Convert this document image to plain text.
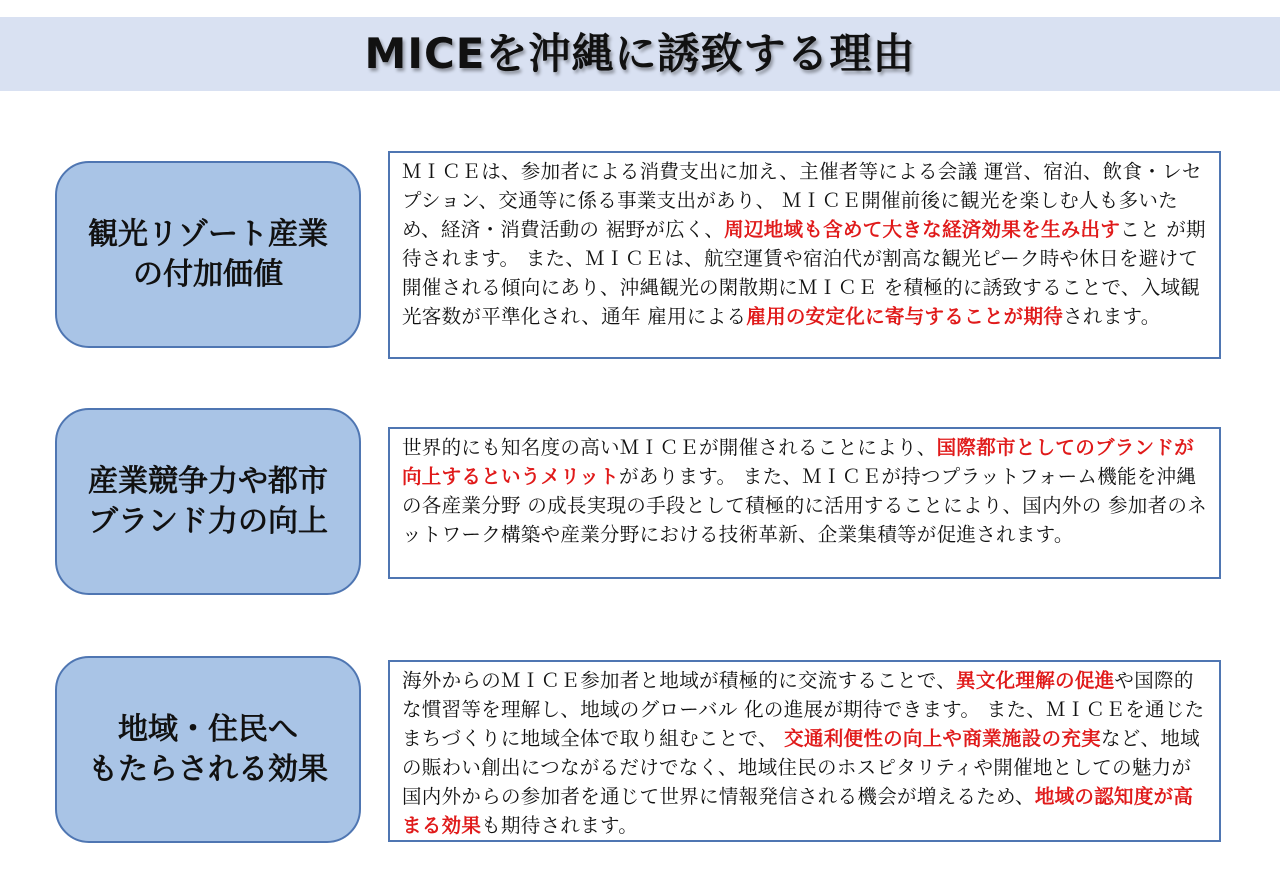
MICEを沖縄に誘致する理由
観光リゾート産業
の付加価値
ＭＩＣＥは、参加者による消費支出に加え、主催者等による会議 運営、宿泊、飲食・レセプション、交通等に係る事業支出があり、 ＭＩＣＥ開催前後に観光を楽しむ人も多いため、経済・消費活動の 裾野が広く、周辺地域も含めて大きな経済効果を生み出すこと が期待されます。 また、ＭＩＣＥは、航空運賃や宿泊代が割高な観光ピーク時や休日を避けて開催される傾向にあり、沖縄観光の閑散期にＭＩＣＥ を積極的に誘致することで、入域観光客数が平準化され、通年 雇用による雇用の安定化に寄与することが期待されます。
産業競争力や都市
ブランド力の向上
世界的にも知名度の高いＭＩＣＥが開催されることにより、国際都市としてのブランドが向上するというメリットがあります。 また、ＭＩＣＥが持つプラットフォーム機能を沖縄の各産業分野 の成長実現の手段として積極的に活用することにより、国内外の 参加者のネットワーク構築や産業分野における技術革新、企業集積等が促進されます。
地域・住民へ
もたらされる効果
海外からのＭＩＣＥ参加者と地域が積極的に交流することで、異文化理解の促進や国際的な慣習等を理解し、地域のグローバル 化の進展が期待できます。 また、ＭＩＣＥを通じたまちづくりに地域全体で取り組むことで、 交通利便性の向上や商業施設の充実など、地域の賑わい創出につながるだけでなく、地域住民のホスピタリティや開催地としての魅力が国内外からの参加者を通じて世界に情報発信される機会が増えるため、地域の認知度が高まる効果も期待されます。
